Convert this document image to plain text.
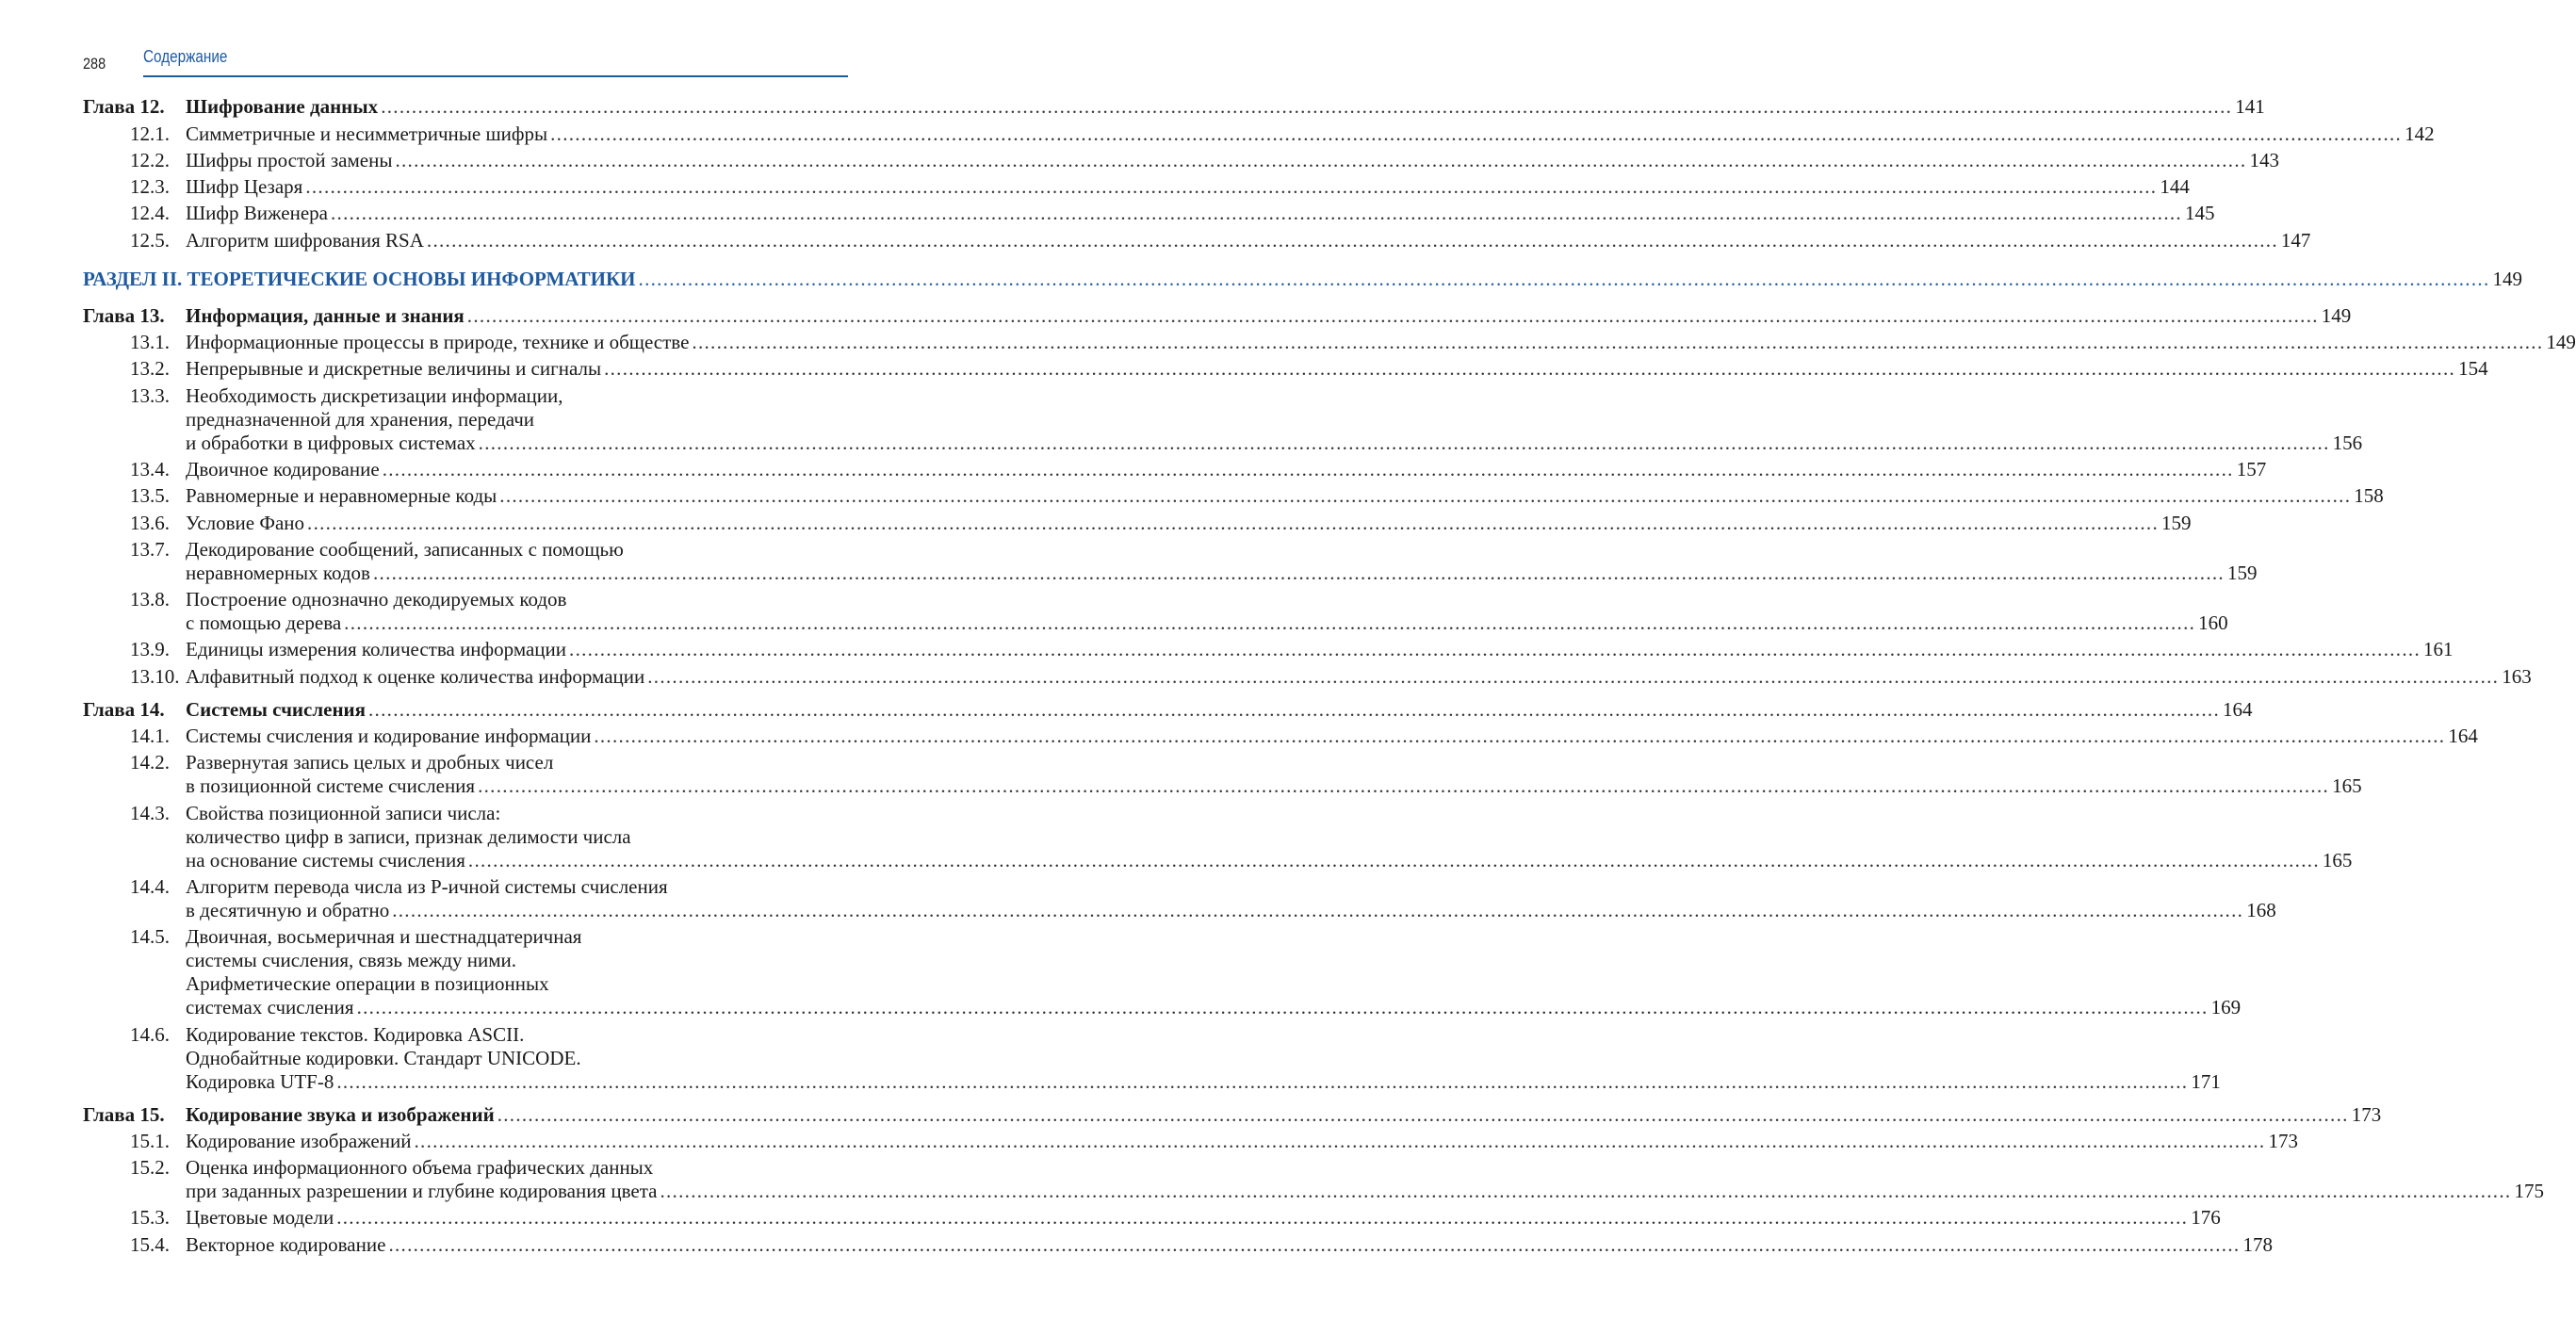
288 Содержание
Глава 12. Шифрование данных ............................................................................................................................................................................................................................................................................................................ 141
12.1. Симметричные и несимметричные шифры ............................................................................................................................................................................................................................................................................................................ 142
12.2. Шифры простой замены ............................................................................................................................................................................................................................................................................................................ 143
12.3. Шифр Цезаря ............................................................................................................................................................................................................................................................................................................ 144
12.4. Шифр Виженера ............................................................................................................................................................................................................................................................................................................ 145
12.5. Алгоритм шифрования RSA ............................................................................................................................................................................................................................................................................................................ 147
РАЗДЕЛ II. ТЕОРЕТИЧЕСКИЕ ОСНОВЫ ИНФОРМАТИКИ ............................................................................................................................................................................................................................................................................................................ 149
Глава 13. Информация, данные и знания ............................................................................................................................................................................................................................................................................................................ 149
13.1. Информационные процессы в природе, технике и обществе ............................................................................................................................................................................................................................................................................................................ 149
13.2. Непрерывные и дискретные величины и сигналы ............................................................................................................................................................................................................................................................................................................ 154
13.3. Необходимость дискретизации информации,
предназначенной для хранения, передачи
и обработки в цифровых системах ............................................................................................................................................................................................................................................................................................................ 156
13.4. Двоичное кодирование ............................................................................................................................................................................................................................................................................................................ 157
13.5. Равномерные и неравномерные коды ............................................................................................................................................................................................................................................................................................................ 158
13.6. Условие Фано ............................................................................................................................................................................................................................................................................................................ 159
13.7. Декодирование сообщений, записанных с помощью
неравномерных кодов ............................................................................................................................................................................................................................................................................................................ 159
13.8. Построение однозначно декодируемых кодов
с помощью дерева ............................................................................................................................................................................................................................................................................................................ 160
13.9. Единицы измерения количества информации ............................................................................................................................................................................................................................................................................................................ 161
13.10. Алфавитный подход к оценке количества информации ............................................................................................................................................................................................................................................................................................................ 163
Глава 14. Системы счисления ............................................................................................................................................................................................................................................................................................................ 164
14.1. Системы счисления и кодирование информации ............................................................................................................................................................................................................................................................................................................ 164
14.2. Развернутая запись целых и дробных чисел
в позиционной системе счисления ............................................................................................................................................................................................................................................................................................................ 165
14.3. Свойства позиционной записи числа:
количество цифр в записи, признак делимости числа
на основание системы счисления ............................................................................................................................................................................................................................................................................................................ 165
14.4. Алгоритм перевода числа из Р-ичной системы счисления
в десятичную и обратно ............................................................................................................................................................................................................................................................................................................ 168
14.5. Двоичная, восьмеричная и шестнадцатеричная
системы счисления, связь между ними.
Арифметические операции в позиционных
системах счисления ............................................................................................................................................................................................................................................................................................................ 169
14.6. Кодирование текстов. Кодировка ASCII.
Однобайтные кодировки. Стандарт UNICODE.
Кодировка UTF-8 ............................................................................................................................................................................................................................................................................................................ 171
Глава 15. Кодирование звука и изображений ............................................................................................................................................................................................................................................................................................................ 173
15.1. Кодирование изображений ............................................................................................................................................................................................................................................................................................................ 173
15.2. Оценка информационного объема графических данных
при заданных разрешении и глубине кодирования цвета ............................................................................................................................................................................................................................................................................................................ 175
15.3. Цветовые модели ............................................................................................................................................................................................................................................................................................................ 176
15.4. Векторное кодирование ............................................................................................................................................................................................................................................................................................................ 178
